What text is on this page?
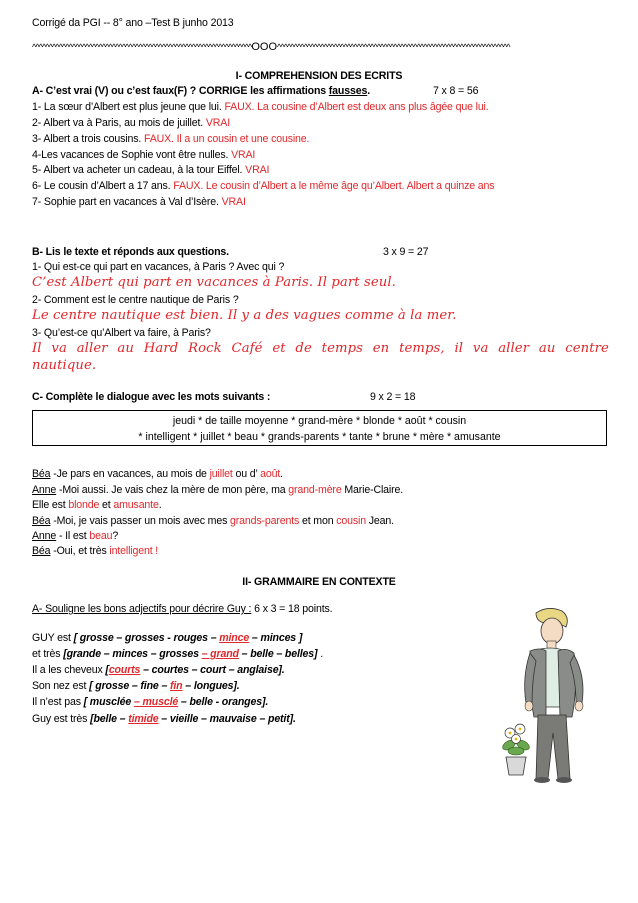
Corrigé da PGI -- 8° ano –Test B junho 2013
^^^^^^^^^^^^^^^^^^^^^^^^^^^^^^^^^^^^^^^^^^^^^^^^^^^^^^^^^^^^^^^^^^OOO^^^^^^^^^^^^^^^^^^^^^^^^^^^^^^^^^^^^^^^^^^^^^^^^^^^^^^^^^^^^^^^^^^^^^^
I- COMPREHENSION DES ECRITS
A- C’est vrai (V) ou c’est faux(F) ? CORRIGE les affirmations fausses.	7 x 8 = 56
1- La sœur d’Albert est plus jeune que lui. FAUX. La cousine d’Albert est deux ans plus âgée que lui.
2- Albert va à Paris, au mois de juillet. VRAI
3- Albert a trois cousins. FAUX. Il a un cousin et une cousine.
4-Les vacances de Sophie vont être nulles. VRAI
5- Albert va acheter un cadeau, à la tour Eiffel. VRAI
6- Le cousin d’Albert a 17 ans. FAUX. Le cousin d’Albert a le même âge qu’Albert. Albert a quinze ans
7- Sophie part en vacances à Val d’Isère. VRAI
B- Lis le texte et réponds aux questions.	3 x 9 = 27
1- Qui est-ce qui part en vacances, à Paris ? Avec qui ?
C’est Albert qui part en vacances à Paris. Il part seul.
2- Comment est le centre nautique de Paris ?
Le centre nautique est bien. Il y a des vagues comme à la mer.
3- Qu’est-ce qu’Albert va faire, à Paris?
Il va aller au Hard Rock Café et de temps en temps, il va aller au centre
nautique.
C- Complète le dialogue avec les mots suivants :	9 x 2 = 18
jeudi * de taille moyenne * grand-mère * blonde * août * cousin
* intelligent * juillet * beau * grands-parents * tante * brune * mère * amusante
Béa -Je pars en vacances, au mois de juillet ou d’ août.
Anne -Moi aussi. Je vais chez la mère de mon père, ma grand-mère Marie-Claire.
Elle est blonde et amusante.
Béa -Moi, je vais passer un mois avec mes grands-parents et mon cousin Jean.
Anne - Il est beau?
Béa -Oui, et très intelligent !
II- GRAMMAIRE EN CONTEXTE
A- Souligne les bons adjectifs pour décrire Guy : 6 x 3 = 18 points.
GUY est [ grosse – grosses - rouges – mince – minces ]
et très [grande – minces – grosses – grand – belle – belles] .
Il a les cheveux [courts – courtes – court – anglaise].
Son nez est [ grosse – fine – fin – longues].
Il n’est pas [ musclée – musclé – belle - oranges].
Guy est très [belle – timide – vieille – mauvaise – petit].
